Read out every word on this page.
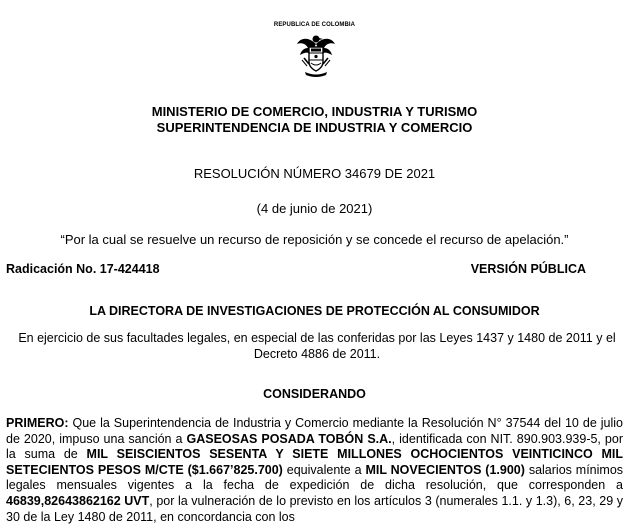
REPUBLICA DE COLOMBIA
MINISTERIO DE COMERCIO, INDUSTRIA Y TURISMO
SUPERINTENDENCIA DE INDUSTRIA Y COMERCIO
RESOLUCIÓN NÚMERO 34679 DE 2021
(4 de junio de 2021)
“Por la cual se resuelve un recurso de reposición y se concede el recurso de apelación.”
Radicación No. 17-424418	VERSIÓN PÚBLICA
LA DIRECTORA DE INVESTIGACIONES DE PROTECCIÓN AL CONSUMIDOR
En ejercicio de sus facultades legales, en especial de las conferidas por las Leyes 1437 y 1480 de 2011 y el Decreto 4886 de 2011.
CONSIDERANDO
PRIMERO: Que la Superintendencia de Industria y Comercio mediante la Resolución N° 37544 del 10 de julio de 2020, impuso una sanción a GASEOSAS POSADA TOBÓN S.A., identificada con NIT. 890.903.939-5, por la suma de MIL SEISCIENTOS SESENTA Y SIETE MILLONES OCHOCIENTOS VEINTICINCO MIL SETECIENTOS PESOS M/CTE ($1.667’825.700) equivalente a MIL NOVECIENTOS (1.900) salarios mínimos legales mensuales vigentes a la fecha de expedición de dicha resolución, que corresponden a 46839,82643862162 UVT, por la vulneración de lo previsto en los artículos 3 (numerales 1.1. y 1.3), 6, 23, 29 y 30 de la Ley 1480 de 2011, en concordancia con los
